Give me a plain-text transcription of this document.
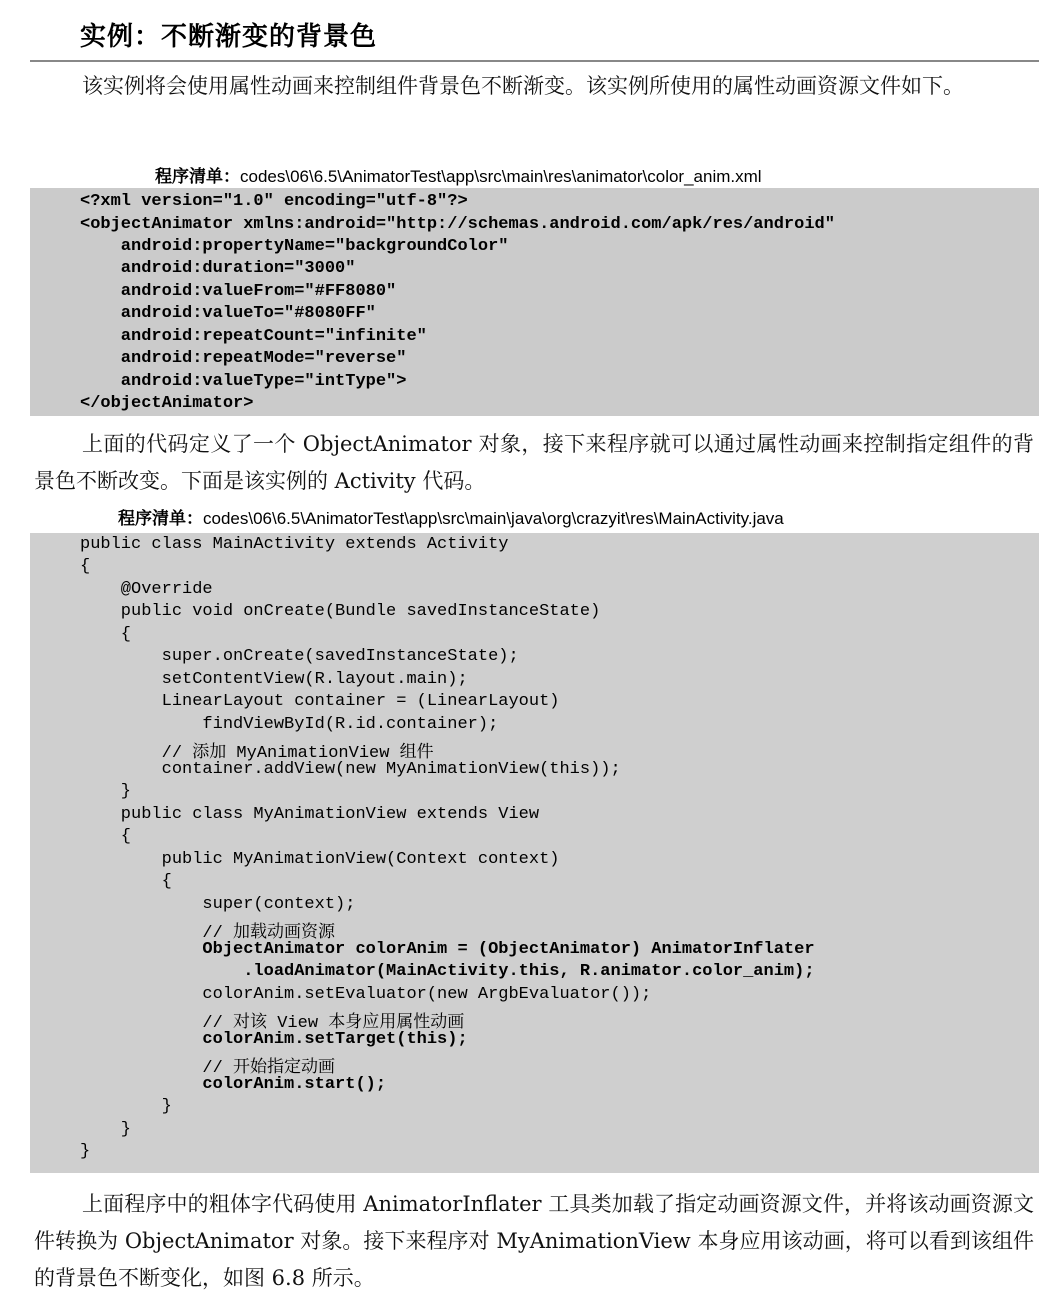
实例：不断渐变的背景色

该实例将会使用属性动画来控制组件背景色不断渐变。该实例所使用的属性动画资源文件如下。

程序清单：codes\06\6.5\AnimatorTest\app\src\main\res\animator\color_anim.xml
<?xml version="1.0" encoding="utf-8"?>
<objectAnimator xmlns:android="http://schemas.android.com/apk/res/android"
android:propertyName="backgroundColor"
android:duration="3000"
android:valueFrom="#FF8080"
android:valueTo="#8080FF"
android:repeatCount="infinite"
android:repeatMode="reverse"
android:valueType="intType">
</objectAnimator>

上面的代码定义了一个 ObjectAnimator 对象，接下来程序就可以通过属性动画来控制指定组件的背景色不断改变。下面是该实例的 Activity 代码。

程序清单：codes\06\6.5\AnimatorTest\app\src\main\java\org\crazyit\res\MainActivity.java
public class MainActivity extends Activity
{
@Override
public void onCreate(Bundle savedInstanceState)
{
super.onCreate(savedInstanceState);
setContentView(R.layout.main);
LinearLayout container = (LinearLayout)
findViewById(R.id.container);
// 添加 MyAnimationView 组件
container.addView(new MyAnimationView(this));
}
public class MyAnimationView extends View
{
public MyAnimationView(Context context)
{
super(context);
// 加载动画资源
ObjectAnimator colorAnim = (ObjectAnimator) AnimatorInflater
.loadAnimator(MainActivity.this, R.animator.color_anim);
colorAnim.setEvaluator(new ArgbEvaluator());
// 对该 View 本身应用属性动画
colorAnim.setTarget(this);
// 开始指定动画
colorAnim.start();
}
}
}

上面程序中的粗体字代码使用 AnimatorInflater 工具类加载了指定动画资源文件，并将该动画资源文件转换为 ObjectAnimator 对象。接下来程序对 MyAnimationView 本身应用该动画，将可以看到该组件的背景色不断变化，如图 6.8 所示。
